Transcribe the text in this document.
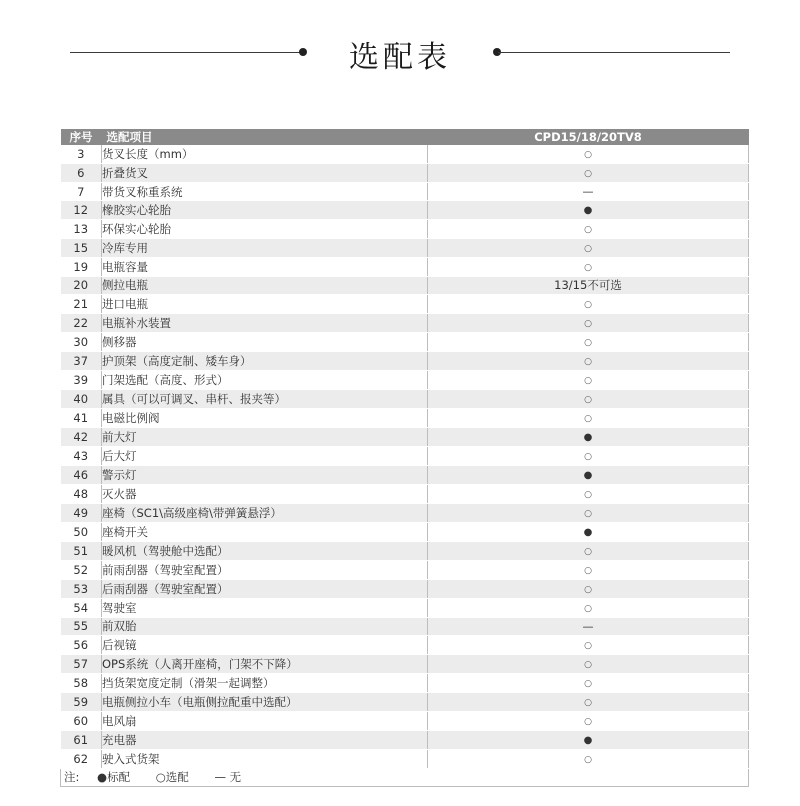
选配表
序号	选配项目	CPD15/18/20TV8
3	货叉长度（mm）	○
6	折叠货叉	○
7	带货叉称重系统	—
12	橡胶实心轮胎	●
13	环保实心轮胎	○
15	冷库专用	○
19	电瓶容量	○
20	侧拉电瓶	13/15不可选
21	进口电瓶	○
22	电瓶补水装置	○
30	侧移器	○
37	护顶架（高度定制、矮车身）	○
39	门架选配（高度、形式）	○
40	属具（可以可调叉、串杆、报夹等）	○
41	电磁比例阀	○
42	前大灯	●
43	后大灯	○
46	警示灯	●
48	灭火器	○
49	座椅（SC1\高级座椅\带弹簧悬浮）	○
50	座椅开关	●
51	暖风机（驾驶舱中选配）	○
52	前雨刮器（驾驶室配置）	○
53	后雨刮器（驾驶室配置）	○
54	驾驶室	○
55	前双胎	—
56	后视镜	○
57	OPS系统（人离开座椅，门架不下降）	○
58	挡货架宽度定制（滑架一起调整）	○
59	电瓶侧拉小车（电瓶侧拉配重中选配）	○
60	电风扇	○
61	充电器	●
62	驶入式货架	○
注: ●标配 ○选配 — 无		
